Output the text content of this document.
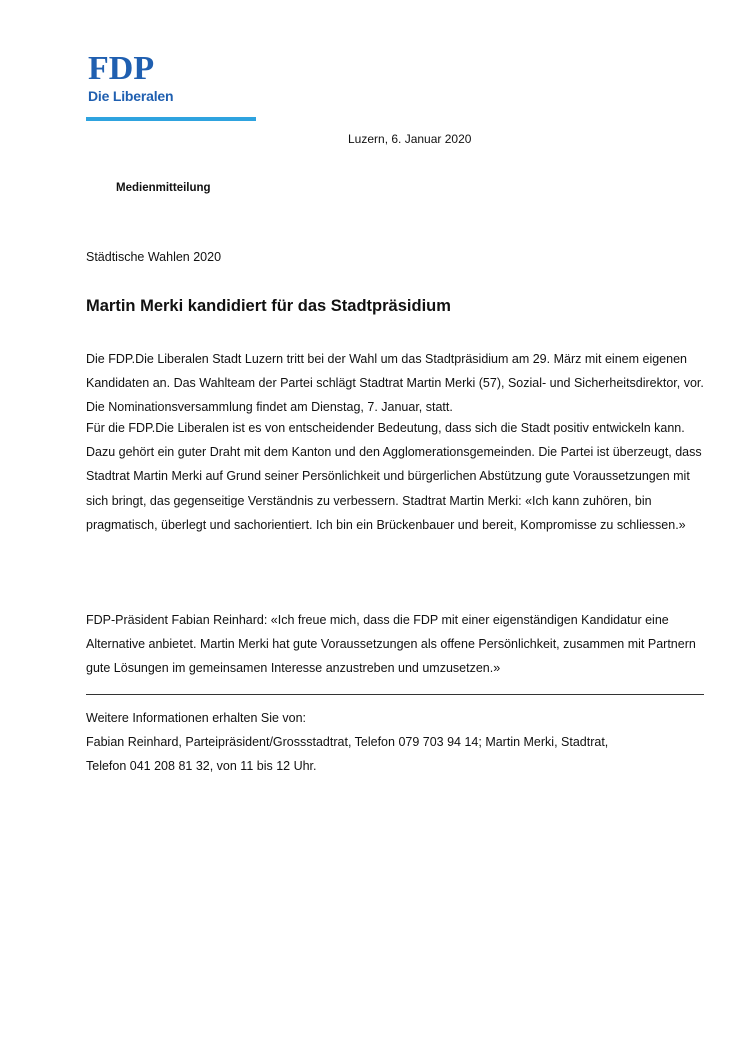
FDP
Die Liberalen
Luzern, 6. Januar 2020
Medienmitteilung
Städtische Wahlen 2020
Martin Merki kandidiert für das Stadtpräsidium

Die FDP.Die Liberalen Stadt Luzern tritt bei der Wahl um das Stadtpräsidium am 29. März mit einem eigenen Kandidaten an. Das Wahlteam der Partei schlägt Stadtrat Martin Merki (57), Sozial- und Sicherheitsdirektor, vor. Die Nominationsversammlung findet am Dienstag, 7. Januar, statt.

Für die FDP.Die Liberalen ist es von entscheidender Bedeutung, dass sich die Stadt positiv entwickeln kann. Dazu gehört ein guter Draht mit dem Kanton und den Agglomerationsgemeinden. Die Partei ist überzeugt, dass Stadtrat Martin Merki auf Grund seiner Persönlichkeit und bürgerlichen Abstützung gute Voraussetzungen mit sich bringt, das gegenseitige Verständnis zu verbessern. Stadtrat Martin Merki: «Ich kann zuhören, bin pragmatisch, überlegt und sachorientiert. Ich bin ein Brückenbauer und bereit, Kompromisse zu schliessen.»

FDP-Präsident Fabian Reinhard: «Ich freue mich, dass die FDP mit einer eigenständigen Kandidatur eine Alternative anbietet. Martin Merki hat gute Voraussetzungen als offene Persönlichkeit, zusammen mit Partnern gute Lösungen im gemeinsamen Interesse anzustreben und umzusetzen.»

Weitere Informationen erhalten Sie von:
Fabian Reinhard, Parteipräsident/Grossstadtrat, Telefon 079 703 94 14; Martin Merki, Stadtrat,
Telefon 041 208 81 32, von 11 bis 12 Uhr.
